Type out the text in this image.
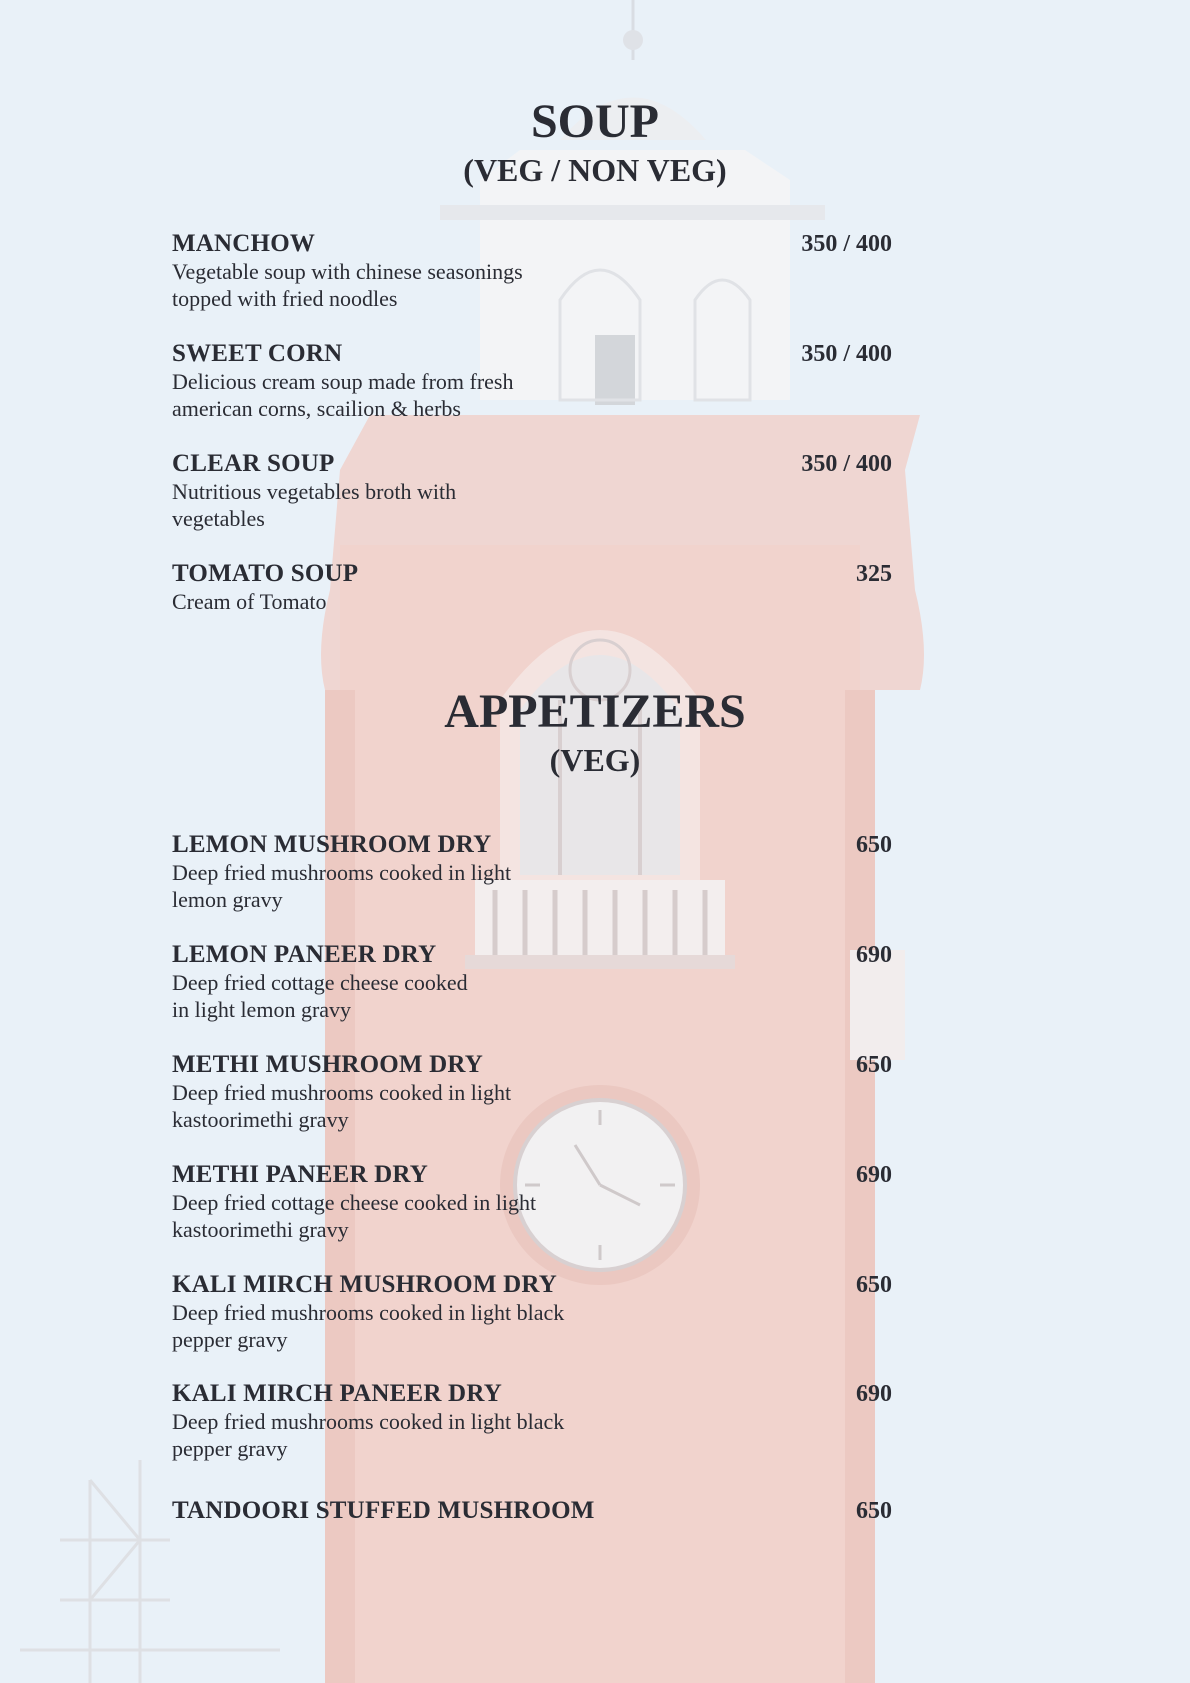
SOUP
(VEG / NON VEG)
MANCHOW
Vegetable soup with chinese seasonings
topped with fried noodles
350 / 400
SWEET CORN
Delicious cream soup made from fresh
american corns, scailion & herbs
350 / 400
CLEAR SOUP
Nutritious vegetables broth with
vegetables
350 / 400
TOMATO SOUP
Cream of Tomato
325
APPETIZERS
(VEG)
LEMON MUSHROOM DRY
Deep fried mushrooms cooked in light
lemon gravy
650
LEMON PANEER DRY
Deep fried cottage cheese cooked
in light lemon gravy
690
METHI MUSHROOM DRY
Deep fried mushrooms cooked in light
kastoorimethi gravy
650
METHI PANEER DRY
Deep fried cottage cheese cooked in light
kastoorimethi gravy
690
KALI MIRCH MUSHROOM DRY
Deep fried mushrooms cooked in light black
pepper gravy
650
KALI MIRCH PANEER DRY
Deep fried mushrooms cooked in light black
pepper gravy
690
TANDOORI STUFFED MUSHROOM	650
